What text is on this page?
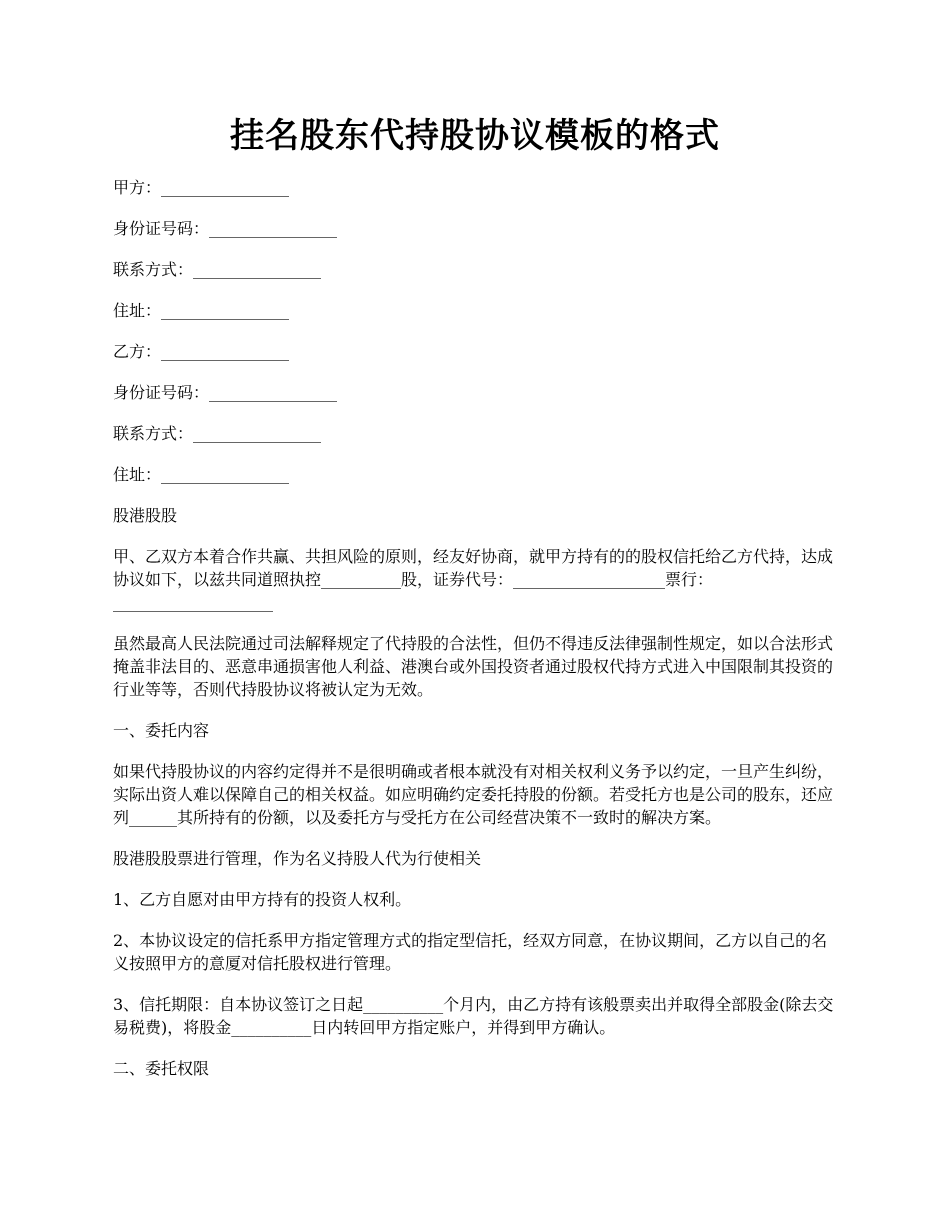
挂名股东代持股协议模板的格式
甲方：________________
身份证号码：________________
联系方式：________________
住址：________________
乙方：________________
身份证号码：________________
联系方式：________________
住址：________________

股港股股

甲、乙双方本着合作共赢、共担风险的原则，经友好协商，就甲方持有的的股权信托给乙方代持，达成协议如下，以兹共同道照执控__________股，证券代号：___________________票行：____________________

虽然最高人民法院通过司法解释规定了代持股的合法性，但仍不得违反法律强制性规定，如以合法形式掩盖非法目的、恶意串通损害他人利益、港澳台或外国投资者通过股权代持方式进入中国限制其投资的行业等等，否则代持股协议将被认定为无效。

一、委托内容

如果代持股协议的内容约定得并不是很明确或者根本就没有对相关权利义务予以约定，一旦产生纠纷，实际出资人难以保障自己的相关权益。如应明确约定委托持股的份额。若受托方也是公司的股东，还应列______其所持有的份额，以及委托方与受托方在公司经营决策不一致时的解决方案。

股港股股票进行管理，作为名义持股人代为行使相关

1、乙方自愿对由甲方持有的投资人权利。

2、本协议设定的信托系甲方指定管理方式的指定型信托，经双方同意，在协议期间，乙方以自己的名义按照甲方的意厦对信托股权进行管理。

3、信托期限：自本协议签订之日起__________个月内，由乙方持有该般票卖出并取得全部股金(除去交易税费)，将股金__________日内转回甲方指定账户，并得到甲方确认。

二、委托权限
